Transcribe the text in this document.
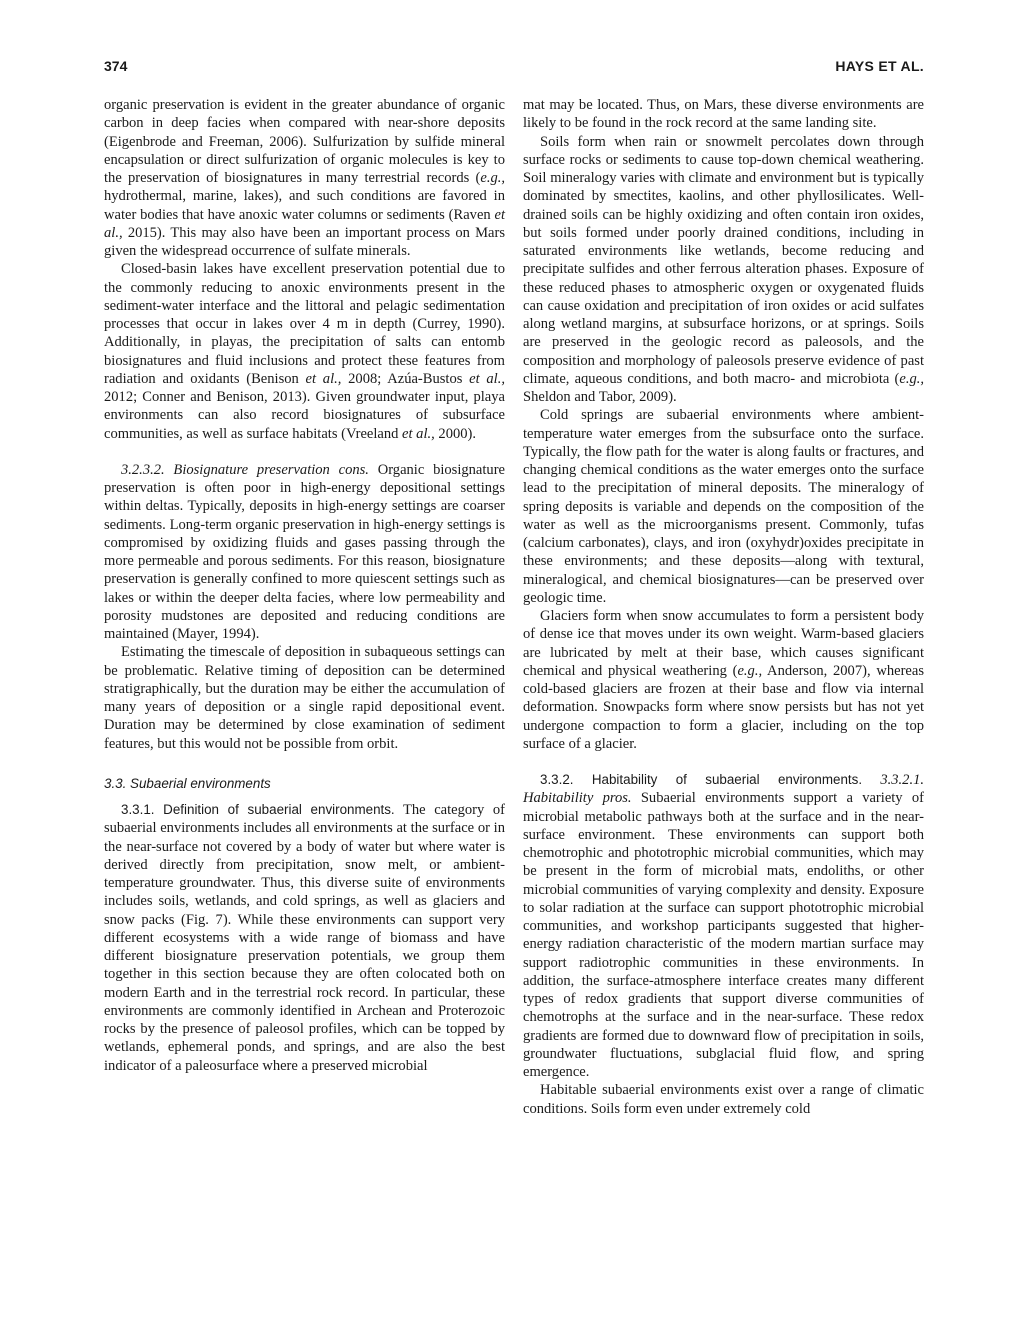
374	HAYS ET AL.

organic preservation is evident in the greater abundance of organic carbon in deep facies when compared with near-shore deposits (Eigenbrode and Freeman, 2006). Sulfurization by sulfide mineral encapsulation or direct sulfurization of organic molecules is key to the preservation of biosignatures in many terrestrial records (e.g., hydrothermal, marine, lakes), and such conditions are favored in water bodies that have anoxic water columns or sediments (Raven et al., 2015). This may also have been an important process on Mars given the widespread occurrence of sulfate minerals.

Closed-basin lakes have excellent preservation potential due to the commonly reducing to anoxic environments present in the sediment-water interface and the littoral and pelagic sedimentation processes that occur in lakes over 4 m in depth (Currey, 1990). Additionally, in playas, the precipitation of salts can entomb biosignatures and fluid inclusions and protect these features from radiation and oxidants (Benison et al., 2008; Azúa-Bustos et al., 2012; Conner and Benison, 2013). Given groundwater input, playa environments can also record biosignatures of subsurface communities, as well as surface habitats (Vreeland et al., 2000).

3.2.3.2. Biosignature preservation cons. Organic biosignature preservation is often poor in high-energy depositional settings within deltas. Typically, deposits in high-energy settings are coarser sediments. Long-term organic preservation in high-energy settings is compromised by oxidizing fluids and gases passing through the more permeable and porous sediments. For this reason, biosignature preservation is generally confined to more quiescent settings such as lakes or within the deeper delta facies, where low permeability and porosity mudstones are deposited and reducing conditions are maintained (Mayer, 1994).

Estimating the timescale of deposition in subaqueous settings can be problematic. Relative timing of deposition can be determined stratigraphically, but the duration may be either the accumulation of many years of deposition or a single rapid depositional event. Duration may be determined by close examination of sediment features, but this would not be possible from orbit.

3.3. Subaerial environments

3.3.1. Definition of subaerial environments. The category of subaerial environments includes all environments at the surface or in the near-surface not covered by a body of water but where water is derived directly from precipitation, snow melt, or ambient-temperature groundwater. Thus, this diverse suite of environments includes soils, wetlands, and cold springs, as well as glaciers and snow packs (Fig. 7). While these environments can support very different ecosystems with a wide range of biomass and have different biosignature preservation potentials, we group them together in this section because they are often colocated both on modern Earth and in the terrestrial rock record. In particular, these environments are commonly identified in Archean and Proterozoic rocks by the presence of paleosol profiles, which can be topped by wetlands, ephemeral ponds, and springs, and are also the best indicator of a paleosurface where a preserved microbial

mat may be located. Thus, on Mars, these diverse environments are likely to be found in the rock record at the same landing site.

Soils form when rain or snowmelt percolates down through surface rocks or sediments to cause top-down chemical weathering. Soil mineralogy varies with climate and environment but is typically dominated by smectites, kaolins, and other phyllosilicates. Well-drained soils can be highly oxidizing and often contain iron oxides, but soils formed under poorly drained conditions, including in saturated environments like wetlands, become reducing and precipitate sulfides and other ferrous alteration phases. Exposure of these reduced phases to atmospheric oxygen or oxygenated fluids can cause oxidation and precipitation of iron oxides or acid sulfates along wetland margins, at subsurface horizons, or at springs. Soils are preserved in the geologic record as paleosols, and the composition and morphology of paleosols preserve evidence of past climate, aqueous conditions, and both macro- and microbiota (e.g., Sheldon and Tabor, 2009).

Cold springs are subaerial environments where ambient-temperature water emerges from the subsurface onto the surface. Typically, the flow path for the water is along faults or fractures, and changing chemical conditions as the water emerges onto the surface lead to the precipitation of mineral deposits. The mineralogy of spring deposits is variable and depends on the composition of the water as well as the microorganisms present. Commonly, tufas (calcium carbonates), clays, and iron (oxyhydr)oxides precipitate in these environments; and these deposits—along with textural, mineralogical, and chemical biosignatures—can be preserved over geologic time.

Glaciers form when snow accumulates to form a persistent body of dense ice that moves under its own weight. Warm-based glaciers are lubricated by melt at their base, which causes significant chemical and physical weathering (e.g., Anderson, 2007), whereas cold-based glaciers are frozen at their base and flow via internal deformation. Snowpacks form where snow persists but has not yet undergone compaction to form a glacier, including on the top surface of a glacier.

3.3.2. Habitability of subaerial environments. 3.3.2.1. Habitability pros. Subaerial environments support a variety of microbial metabolic pathways both at the surface and in the near-surface environment. These environments can support both chemotrophic and phototrophic microbial communities, which may be present in the form of microbial mats, endoliths, or other microbial communities of varying complexity and density. Exposure to solar radiation at the surface can support phototrophic microbial communities, and workshop participants suggested that higher-energy radiation characteristic of the modern martian surface may support radiotrophic communities in these environments. In addition, the surface-atmosphere interface creates many different types of redox gradients that support diverse communities of chemotrophs at the surface and in the near-surface. These redox gradients are formed due to downward flow of precipitation in soils, groundwater fluctuations, subglacial fluid flow, and spring emergence.

Habitable subaerial environments exist over a range of climatic conditions. Soils form even under extremely cold
